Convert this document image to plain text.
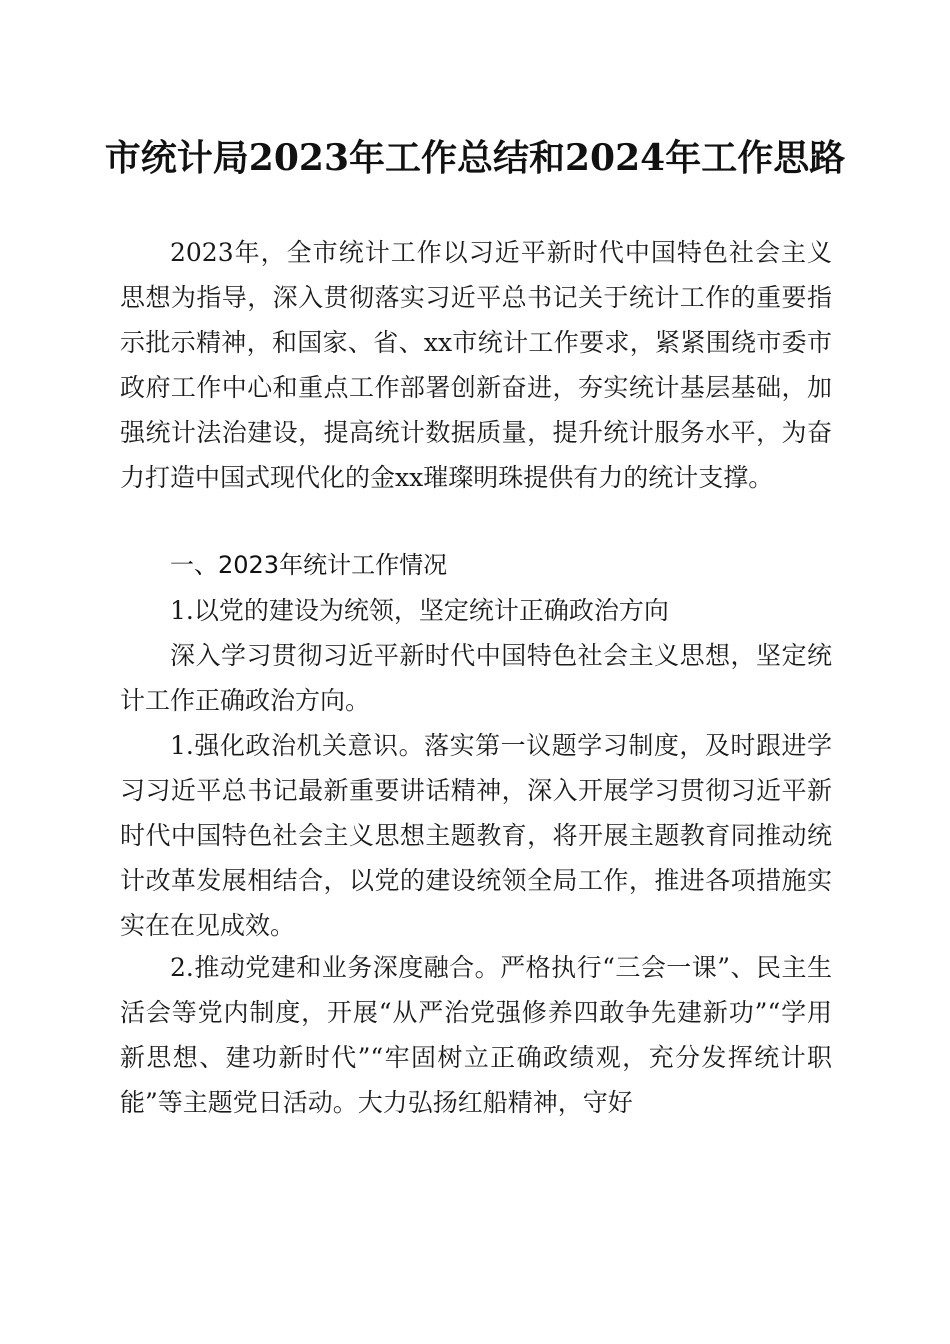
市统计局2023年工作总结和2024年工作思路

2023年，全市统计工作以习近平新时代中国特色社会主义思想为指导，深入贯彻落实习近平总书记关于统计工作的重要指示批示精神，和国家、省、xx市统计工作要求，紧紧围绕市委市政府工作中心和重点工作部署创新奋进，夯实统计基层基础，加强统计法治建设，提高统计数据质量，提升统计服务水平，为奋力打造中国式现代化的金xx璀璨明珠提供有力的统计支撑。

一、2023年统计工作情况
1.以党的建设为统领，坚定统计正确政治方向

深入学习贯彻习近平新时代中国特色社会主义思想，坚定统计工作正确政治方向。

1.强化政治机关意识。落实第一议题学习制度，及时跟进学习习近平总书记最新重要讲话精神，深入开展学习贯彻习近平新时代中国特色社会主义思想主题教育，将开展主题教育同推动统计改革发展相结合，以党的建设统领全局工作，推进各项措施实实在在见成效。

2.推动党建和业务深度融合。严格执行“三会一课”、民主生活会等党内制度，开展“从严治党强修养四敢争先建新功”“学用新思想、建功新时代”“牢固树立正确政绩观，充分发挥统计职能”等主题党日活动。大力弘扬红船精神，守好
